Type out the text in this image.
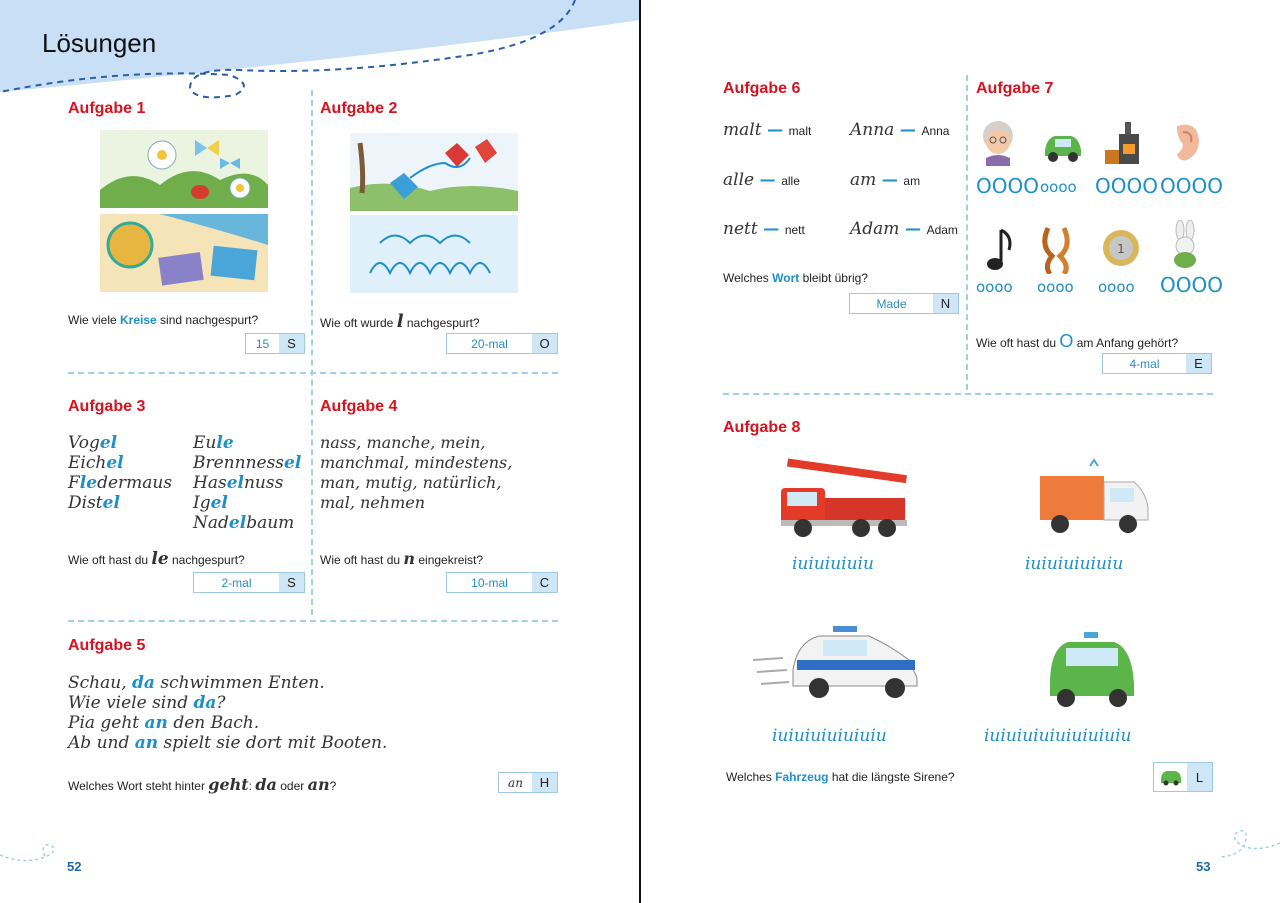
Lösungen
Aufgabe 1
Wie viele Kreise sind nachgespurt?
15	S
Aufgabe 2
Wie oft wurde l nachgespurt?
20-mal	O
Aufgabe 3
Vogel
Eichel
Fledermaus
Distel
Eule
Brennnessel
Haselnuss
Igel
Nadelbaum
Wie oft hast du le nachgespurt?
2-mal	S
Aufgabe 4
nass, manche, mein,
manchmal, mindestens,
man, mutig, natürlich,
mal, nehmen
Wie oft hast du n eingekreist?
10-mal	C
Aufgabe 5
Schau, da schwimmen Enten.
Wie viele sind da?
Pia geht an den Bach.
Ab und an spielt sie dort mit Booten.
Welches Wort steht hinter geht: da oder an?	an	H
52
Aufgabe 6
malt — malt Anna — Anna
alle — alle	am — am
nett — nett	Adam — Adam
Welches Wort bleibt übrig?
Made	N
Aufgabe 7
OOOO oooo OOOO OOOO
1
oooo oooo oooo OOOO
Wie oft hast du O am Anfang gehört?
4-mal	E
Aufgabe 8
iuiuiuiuiu	iuiuiuiuiuiu
iuiuiuiuiuiuiu	iuiuiuiuiuiuiuiuiu
Welches Fahrzeug hat die längste Sirene?	L
53
